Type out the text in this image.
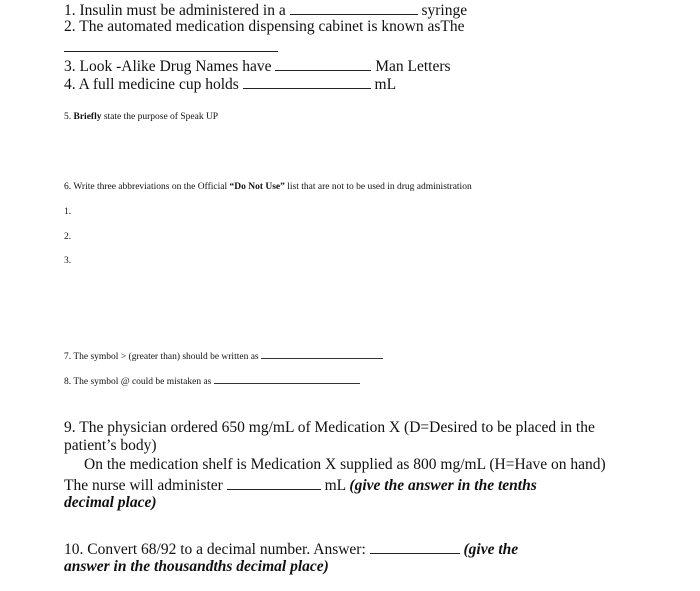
1. Insulin must be administered in a	syringe
2. The automated medication dispensing cabinet is known asThe
3. Look -Alike Drug Names have	Man Letters
4. A full medicine cup holds	mL
5. Briefly state the purpose of Speak UP
6. Write three abbreviations on the Official “Do Not Use” list that are not to be used in drug administration
1.
2.
3.
7. The symbol > (greater than) should be written as
8. The symbol @ could be mistaken as
9. The physician ordered 650 mg/mL of Medication X (D=Desired to be placed in the
patient’s body)
On the medication shelf is Medication X supplied as 800 mg/mL (H=Have on hand)
The nurse will administer	mL (give the answer in the tenths
decimal place)
10. Convert 68/92 to a decimal number. Answer:	(give the
answer in the thousandths decimal place)
